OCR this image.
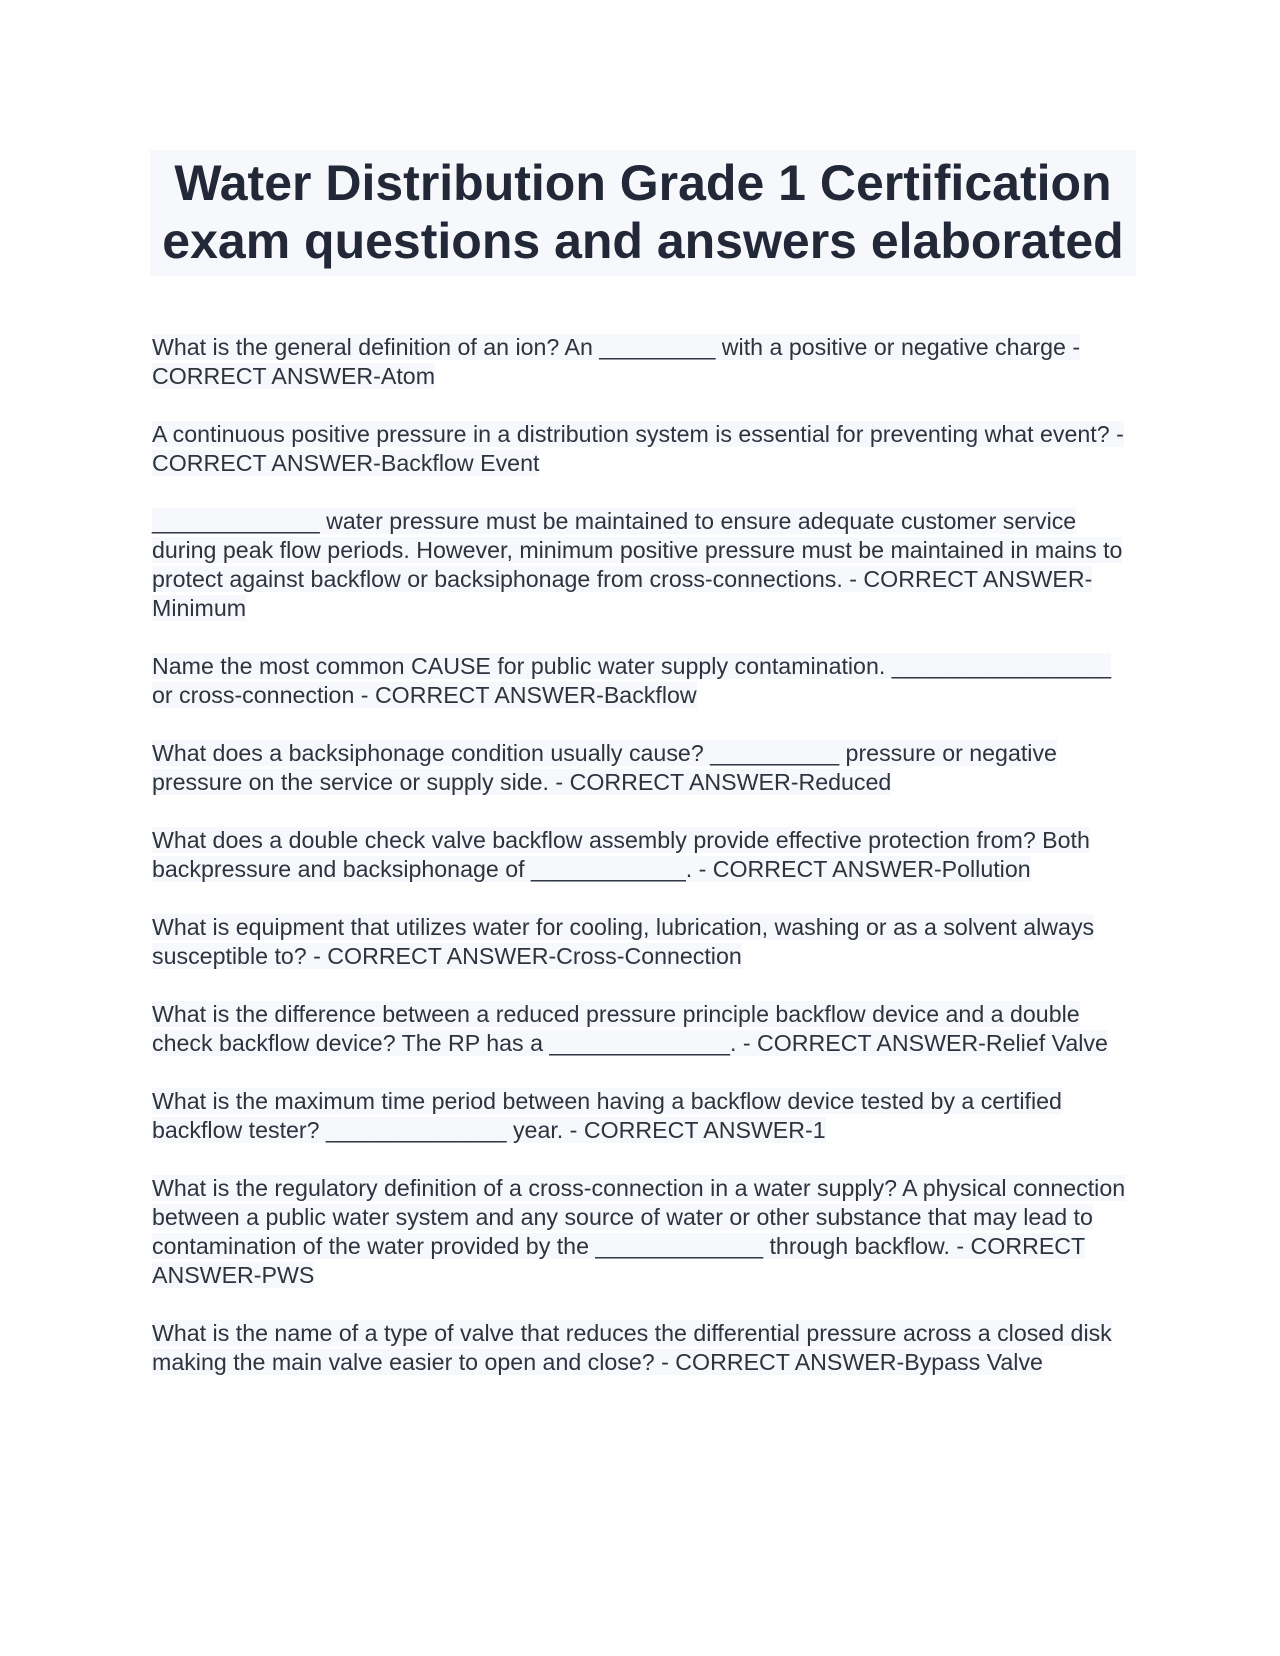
Water Distribution Grade 1 Certification exam questions and answers elaborated

What is the general definition of an ion? An _________ with a positive or negative charge - CORRECT ANSWER-Atom

A continuous positive pressure in a distribution system is essential for preventing what event? - CORRECT ANSWER-Backflow Event

_____________ water pressure must be maintained to ensure adequate customer service during peak flow periods. However, minimum positive pressure must be maintained in mains to protect against backflow or backsiphonage from cross-connections. - CORRECT ANSWER-Minimum

Name the most common CAUSE for public water supply contamination. _________________ or cross-connection - CORRECT ANSWER-Backflow

What does a backsiphonage condition usually cause? __________ pressure or negative pressure on the service or supply side. - CORRECT ANSWER-Reduced

What does a double check valve backflow assembly provide effective protection from? Both backpressure and backsiphonage of ____________. - CORRECT ANSWER-Pollution

What is equipment that utilizes water for cooling, lubrication, washing or as a solvent always susceptible to? - CORRECT ANSWER-Cross-Connection

What is the difference between a reduced pressure principle backflow device and a double check backflow device? The RP has a ______________. - CORRECT ANSWER-Relief Valve

What is the maximum time period between having a backflow device tested by a certified backflow tester? ______________ year. - CORRECT ANSWER-1

What is the regulatory definition of a cross-connection in a water supply? A physical connection between a public water system and any source of water or other substance that may lead to contamination of the water provided by the _____________ through backflow. - CORRECT ANSWER-PWS

What is the name of a type of valve that reduces the differential pressure across a closed disk making the main valve easier to open and close? - CORRECT ANSWER-Bypass Valve
